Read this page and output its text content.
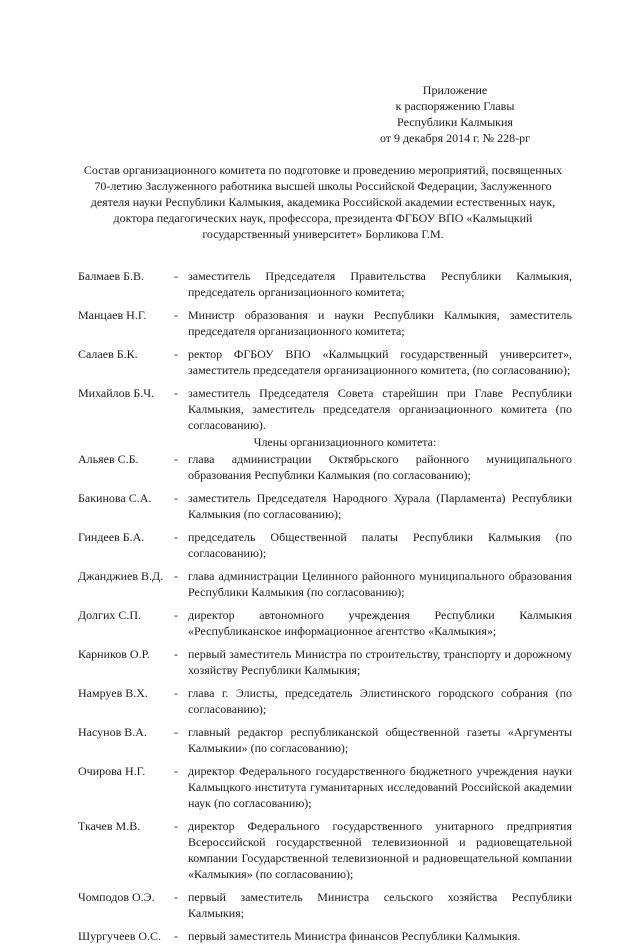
Приложение
к распоряжению Главы
Республики Калмыкия
от 9 декабря 2014 г. № 228-рг
Состав организационного комитета по подготовке и проведению мероприятий, посвященных 70-летию Заслуженного работника высшей школы Российской Федерации, Заслуженного деятеля науки Республики Калмыкия, академика Российской академии естественных наук, доктора педагогических наук, профессора, президента ФГБОУ ВПО «Калмыцкий государственный университет» Борликова Г.М.
Балмаев Б.В.	- заместитель Председателя Правительства Республики Калмыкия, председатель организационного комитета;
Манцаев Н.Г.	- Министр образования и науки Республики Калмыкия, заместитель председателя организационного комитета;
Салаев Б.К.	- ректор ФГБОУ ВПО «Калмыцкий государственный университет», заместитель председателя организационного комитета, (по согласованию);
Михайлов Б.Ч.	- заместитель Председателя Совета старейшин при Главе Республики Калмыкия, заместитель председателя организационного комитета (по согласованию).
Члены организационного комитета:
Альяев С.Б.	- глава администрации Октябрьского районного муниципального образования Республики Калмыкия (по согласованию);
Бакинова С.А.	- заместитель Председателя Народного Хурала (Парламента) Республики Калмыкия (по согласованию);
Гиндеев Б.А.	- председатель Общественной палаты Республики Калмыкия (по согласованию);
Джанджиев В.Д. - глава администрации Целинного районного муниципального образования Республики Калмыкия (по согласованию);
Долгих С.П.	- директор автономного учреждения Республики Калмыкия «Республиканское информационное агентство «Калмыкия»;
Карников О.Р.	- первый заместитель Министра по строительству, транспорту и дорожному хозяйству Республики Калмыкия;
Намруев В.Х.	- глава г. Элисты, председатель Элистинского городского собрания (по согласованию);
Насунов В.А.	- главный редактор республиканской общественной газеты «Аргументы Калмыкии» (по согласованию);
Очирова Н.Г.	- директор Федерального государственного бюджетного учреждения науки Калмыцкого института гуманитарных исследований Российской академии наук (по согласованию);
Ткачев М.В.	- директор Федерального государственного унитарного предприятия Всероссийской государственной телевизионной и радиовещательной компании Государственной телевизионной и радиовещательной компании «Калмыкия» (по согласованию);
Чомподов О.Э.	- первый заместитель Министра сельского хозяйства Республики Калмыкия;
Шургучеев О.С.	- первый заместитель Министра финансов Республики Калмыкия.
